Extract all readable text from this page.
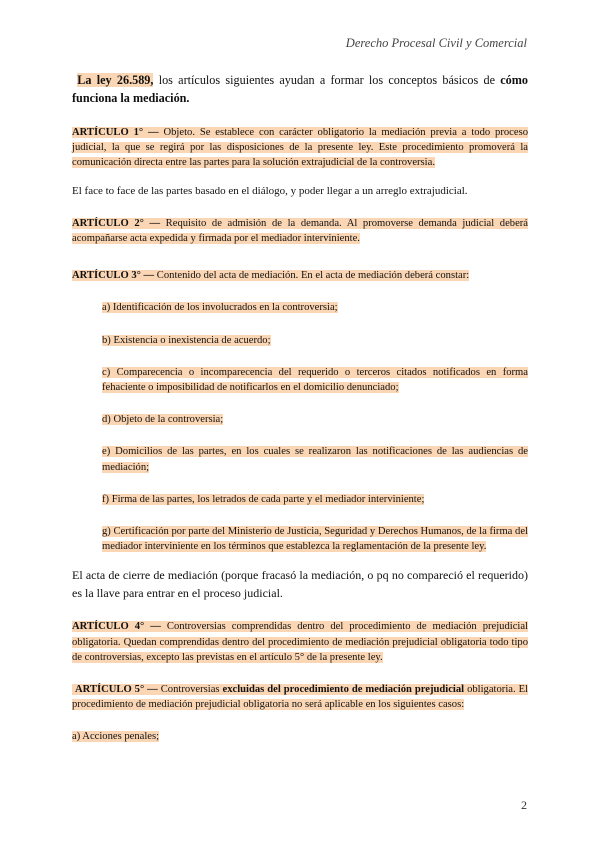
Derecho Procesal Civil y Comercial

La ley 26.589, los artículos siguientes ayudan a formar los conceptos básicos de cómo funciona la mediación.

ARTÍCULO 1° — Objeto. Se establece con carácter obligatorio la mediación previa a todo proceso judicial, la que se regirá por las disposiciones de la presente ley. Este procedimiento promoverá la comunicación directa entre las partes para la solución extrajudicial de la controversia.

El face to face de las partes basado en el diálogo, y poder llegar a un arreglo extrajudicial.

ARTÍCULO 2° — Requisito de admisión de la demanda. Al promoverse demanda judicial deberá acompañarse acta expedida y firmada por el mediador interviniente.

ARTÍCULO 3° — Contenido del acta de mediación. En el acta de mediación deberá constar:

a) Identificación de los involucrados en la controversia;

b) Existencia o inexistencia de acuerdo;

c) Comparecencia o incomparecencia del requerido o terceros citados notificados en forma fehaciente o imposibilidad de notificarlos en el domicilio denunciado;

d) Objeto de la controversia;

e) Domicilios de las partes, en los cuales se realizaron las notificaciones de las audiencias de mediación;

f) Firma de las partes, los letrados de cada parte y el mediador interviniente;

g) Certificación por parte del Ministerio de Justicia, Seguridad y Derechos Humanos, de la firma del mediador interviniente en los términos que establezca la reglamentación de la presente ley.

El acta de cierre de mediación (porque fracasó la mediación, o pq no compareció el requerido) es la llave para entrar en el proceso judicial.

ARTÍCULO 4° — Controversias comprendidas dentro del procedimiento de mediación prejudicial obligatoria. Quedan comprendidas dentro del procedimiento de mediación prejudicial obligatoria todo tipo de controversias, excepto las previstas en el artículo 5° de la presente ley.

ARTÍCULO 5° — Controversias excluidas del procedimiento de mediación prejudicial obligatoria. El procedimiento de mediación prejudicial obligatoria no será aplicable en los siguientes casos:

a) Acciones penales;

2
